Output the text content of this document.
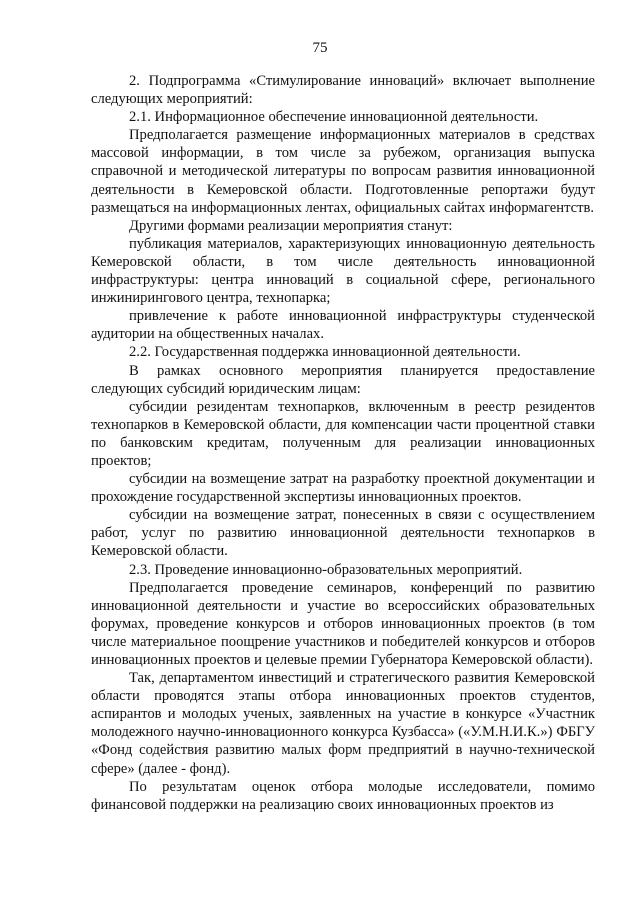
75

2. Подпрограмма «Стимулирование инноваций» включает выполнение следующих мероприятий:

2.1. Информационное обеспечение инновационной деятельности.

Предполагается размещение информационных материалов в средствах массовой информации, в том числе за рубежом, организация выпуска справочной и методической литературы по вопросам развития инновационной деятельности в Кемеровской области. Подготовленные репортажи будут размещаться на информационных лентах, официальных сайтах информагентств.

Другими формами реализации мероприятия станут:

публикация материалов, характеризующих инновационную деятельность Кемеровской области, в том числе деятельность инновационной инфраструктуры: центра инноваций в социальной сфере, регионального инжинирингового центра, технопарка;

привлечение к работе инновационной инфраструктуры студенческой аудитории на общественных началах.

2.2. Государственная поддержка инновационной деятельности.

В рамках основного мероприятия планируется предоставление следующих субсидий юридическим лицам:

субсидии резидентам технопарков, включенным в реестр резидентов технопарков в Кемеровской области, для компенсации части процентной ставки по банковским кредитам, полученным для реализации инновационных проектов;

субсидии на возмещение затрат на разработку проектной документации и прохождение государственной экспертизы инновационных проектов.

субсидии на возмещение затрат, понесенных в связи с осуществлением работ, услуг по развитию инновационной деятельности технопарков в Кемеровской области.

2.3. Проведение инновационно-образовательных мероприятий.

Предполагается проведение семинаров, конференций по развитию инновационной деятельности и участие во всероссийских образовательных форумах, проведение конкурсов и отборов инновационных проектов (в том числе материальное поощрение участников и победителей конкурсов и отборов инновационных проектов и целевые премии Губернатора Кемеровской области).

Так, департаментом инвестиций и стратегического развития Кемеровской области проводятся этапы отбора инновационных проектов студентов, аспирантов и молодых ученых, заявленных на участие в конкурсе «Участник молодежного научно-инновационного конкурса Кузбасса» («У.М.Н.И.К.») ФБГУ «Фонд содействия развитию малых форм предприятий в научно-технической сфере» (далее - фонд).

По результатам оценок отбора молодые исследователи, помимо финансовой поддержки на реализацию своих инновационных проектов из
